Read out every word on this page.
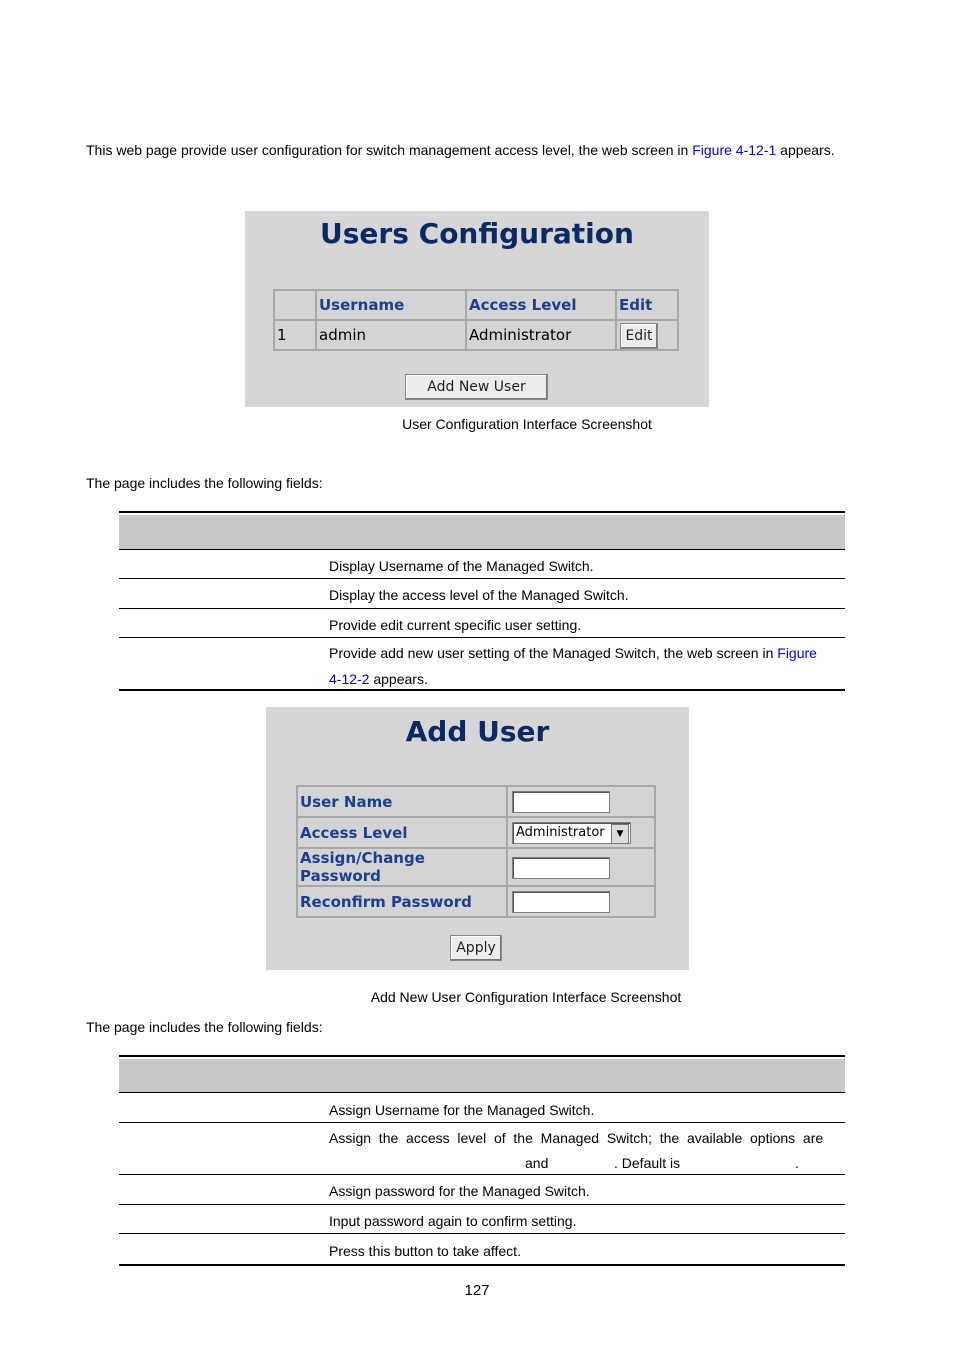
This web page provide user configuration for switch management access level, the web screen in Figure 4-12-1 appears.
Users Configuration
	Username	Access Level	Edit
1	admin	Administrator	Edit
Add New User
User Configuration Interface Screenshot
The page includes the following fields:
Display Username of the Managed Switch.
Display the access level of the Managed Switch.
Provide edit current specific user setting.
Provide add new user setting of the Managed Switch, the web screen in Figure
4-12-2 appears.
Add User
User Name	

Access Level	Administrator ▼

Assign/Change Password	

Reconfirm Password	
Apply
Add New User Configuration Interface Screenshot
The page includes the following fields:
Assign Username for the Managed Switch.
Assign  the  access  level  of  the  Managed  Switch;  the  available  options  are
and	. Default is	.
Assign password for the Managed Switch.
Input password again to confirm setting.
Press this button to take affect.
127
